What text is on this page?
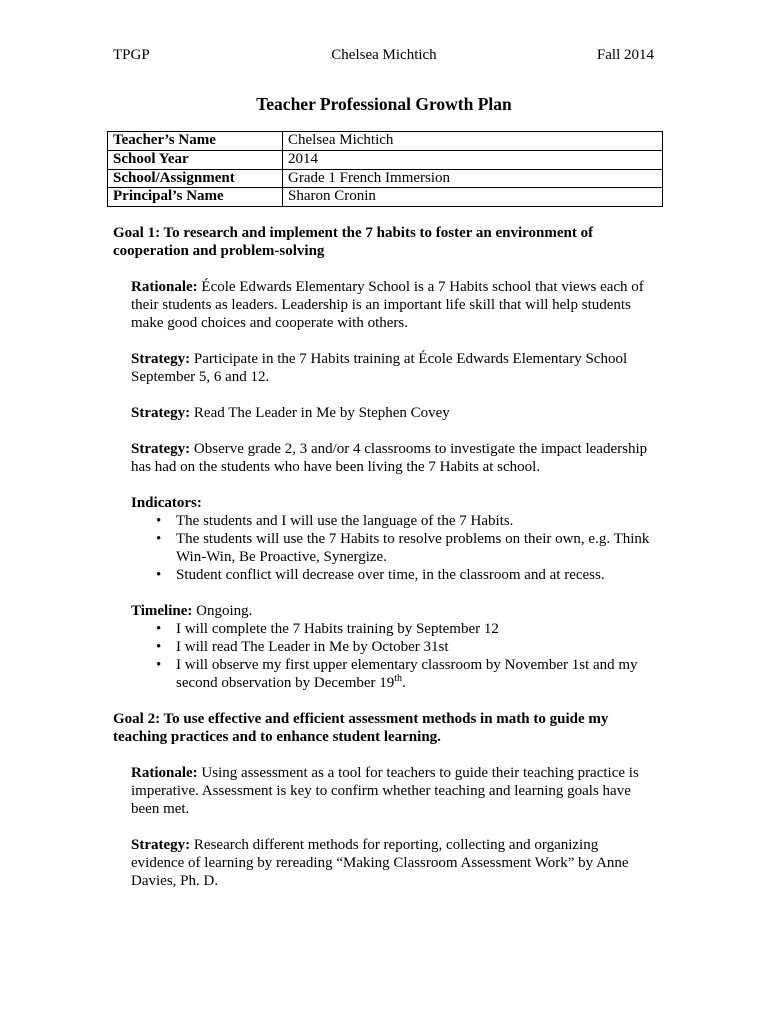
TPGP	Chelsea Michtich	Fall 2014
Teacher Professional Growth Plan
Teacher’s Name	Chelsea Michtich
School Year	2014
School/Assignment	Grade 1 French Immersion
Principal’s Name	Sharon Cronin

Goal 1: To research and implement the 7 habits to foster an environment of cooperation and problem-solving

Rationale: École Edwards Elementary School is a 7 Habits school that views each of their students as leaders. Leadership is an important life skill that will help students make good choices and cooperate with others.
Strategy: Participate in the 7 Habits training at École Edwards Elementary School September 5, 6 and 12.
Strategy: Read The Leader in Me by Stephen Covey
Strategy: Observe grade 2, 3 and/or 4 classrooms to investigate the impact leadership has had on the students who have been living the 7 Habits at school.

Indicators:

•
The students and I will use the language of the 7 Habits.
•
The students will use the 7 Habits to resolve problems on their own, e.g. Think Win-Win, Be Proactive, Synergize.
•
Student conflict will decrease over time, in the classroom and at recess.

Timeline: Ongoing.

•
I will complete the 7 Habits training by September 12
•
I will read The Leader in Me by October 31st
•
I will observe my first upper elementary classroom by November 1st and my second observation by December 19th.

Goal 2: To use effective and efficient assessment methods in math to guide my teaching practices and to enhance student learning.

Rationale: Using assessment as a tool for teachers to guide their teaching practice is imperative. Assessment is key to confirm whether teaching and learning goals have been met.
Strategy: Research different methods for reporting, collecting and organizing evidence of learning by rereading “Making Classroom Assessment Work” by Anne Davies, Ph. D.
